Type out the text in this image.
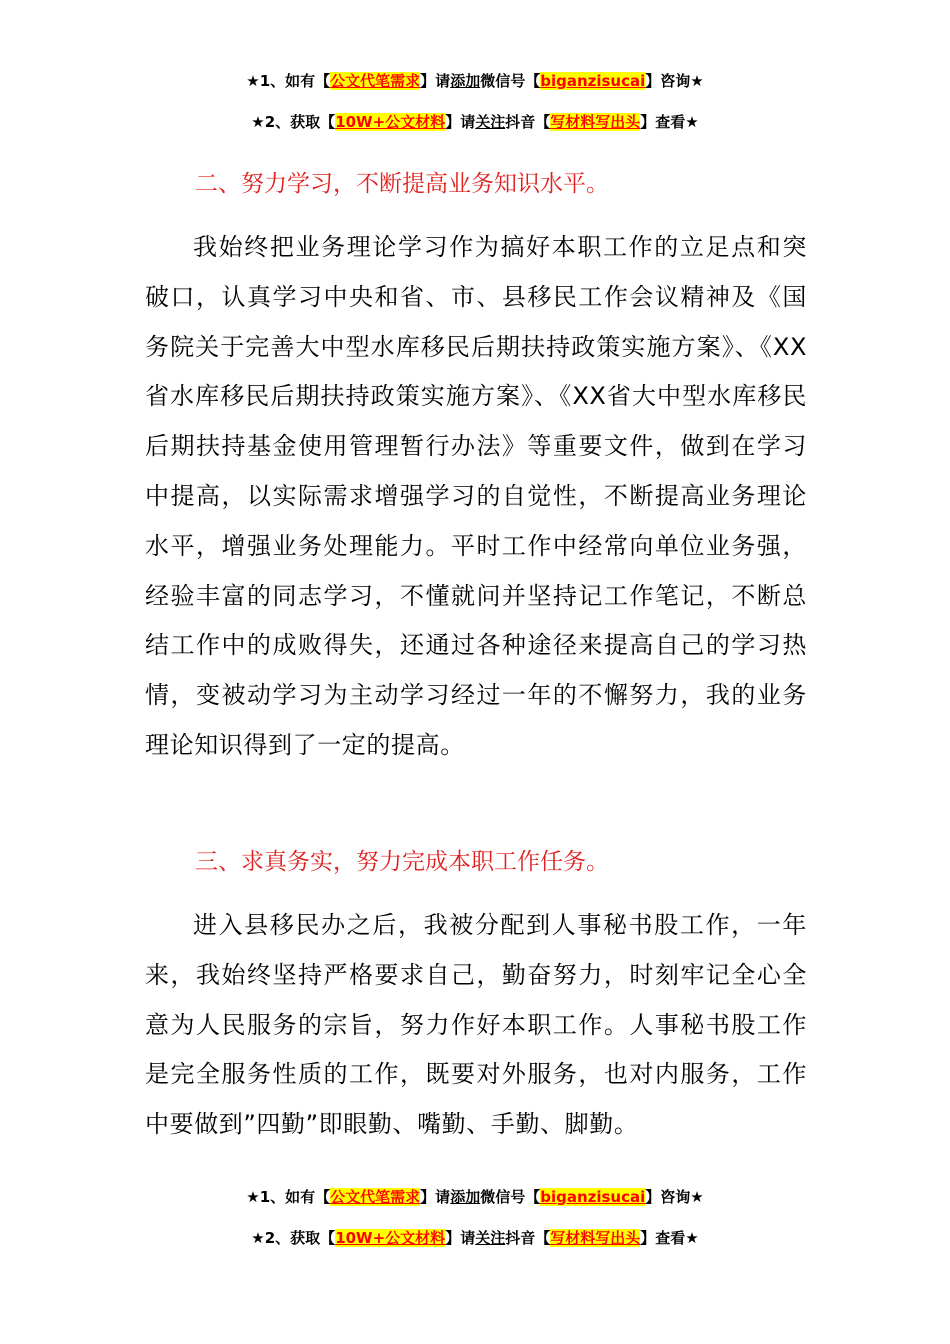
★1、如有【公文代笔需求】请添加微信号【biganzisucai】咨询★
★2、获取【10W+公文材料】请关注抖音【写材料写出头】查看★
二、努力学习，不断提高业务知识水平。
我始终把业务理论学习作为搞好本职工作的立足点和突破口，认真学习中央和省、市、县移民工作会议精神及《国务院关于完善大中型水库移民后期扶持政策实施方案》、《XX省水库移民后期扶持政策实施方案》、《XX省大中型水库移民后期扶持基金使用管理暂行办法》等重要文件，做到在学习中提高，以实际需求增强学习的自觉性，不断提高业务理论水平，增强业务处理能力。平时工作中经常向单位业务强，经验丰富的同志学习，不懂就问并坚持记工作笔记，不断总结工作中的成败得失，还通过各种途径来提高自己的学习热情，变被动学习为主动学习经过一年的不懈努力，我的业务理论知识得到了一定的提高。
三、求真务实，努力完成本职工作任务。
进入县移民办之后，我被分配到人事秘书股工作，一年来，我始终坚持严格要求自己，勤奋努力，时刻牢记全心全意为人民服务的宗旨，努力作好本职工作。人事秘书股工作是完全服务性质的工作，既要对外服务，也对内服务，工作中要做到”四勤”即眼勤、嘴勤、手勤、脚勤。
★1、如有【公文代笔需求】请添加微信号【biganzisucai】咨询★
★2、获取【10W+公文材料】请关注抖音【写材料写出头】查看★
